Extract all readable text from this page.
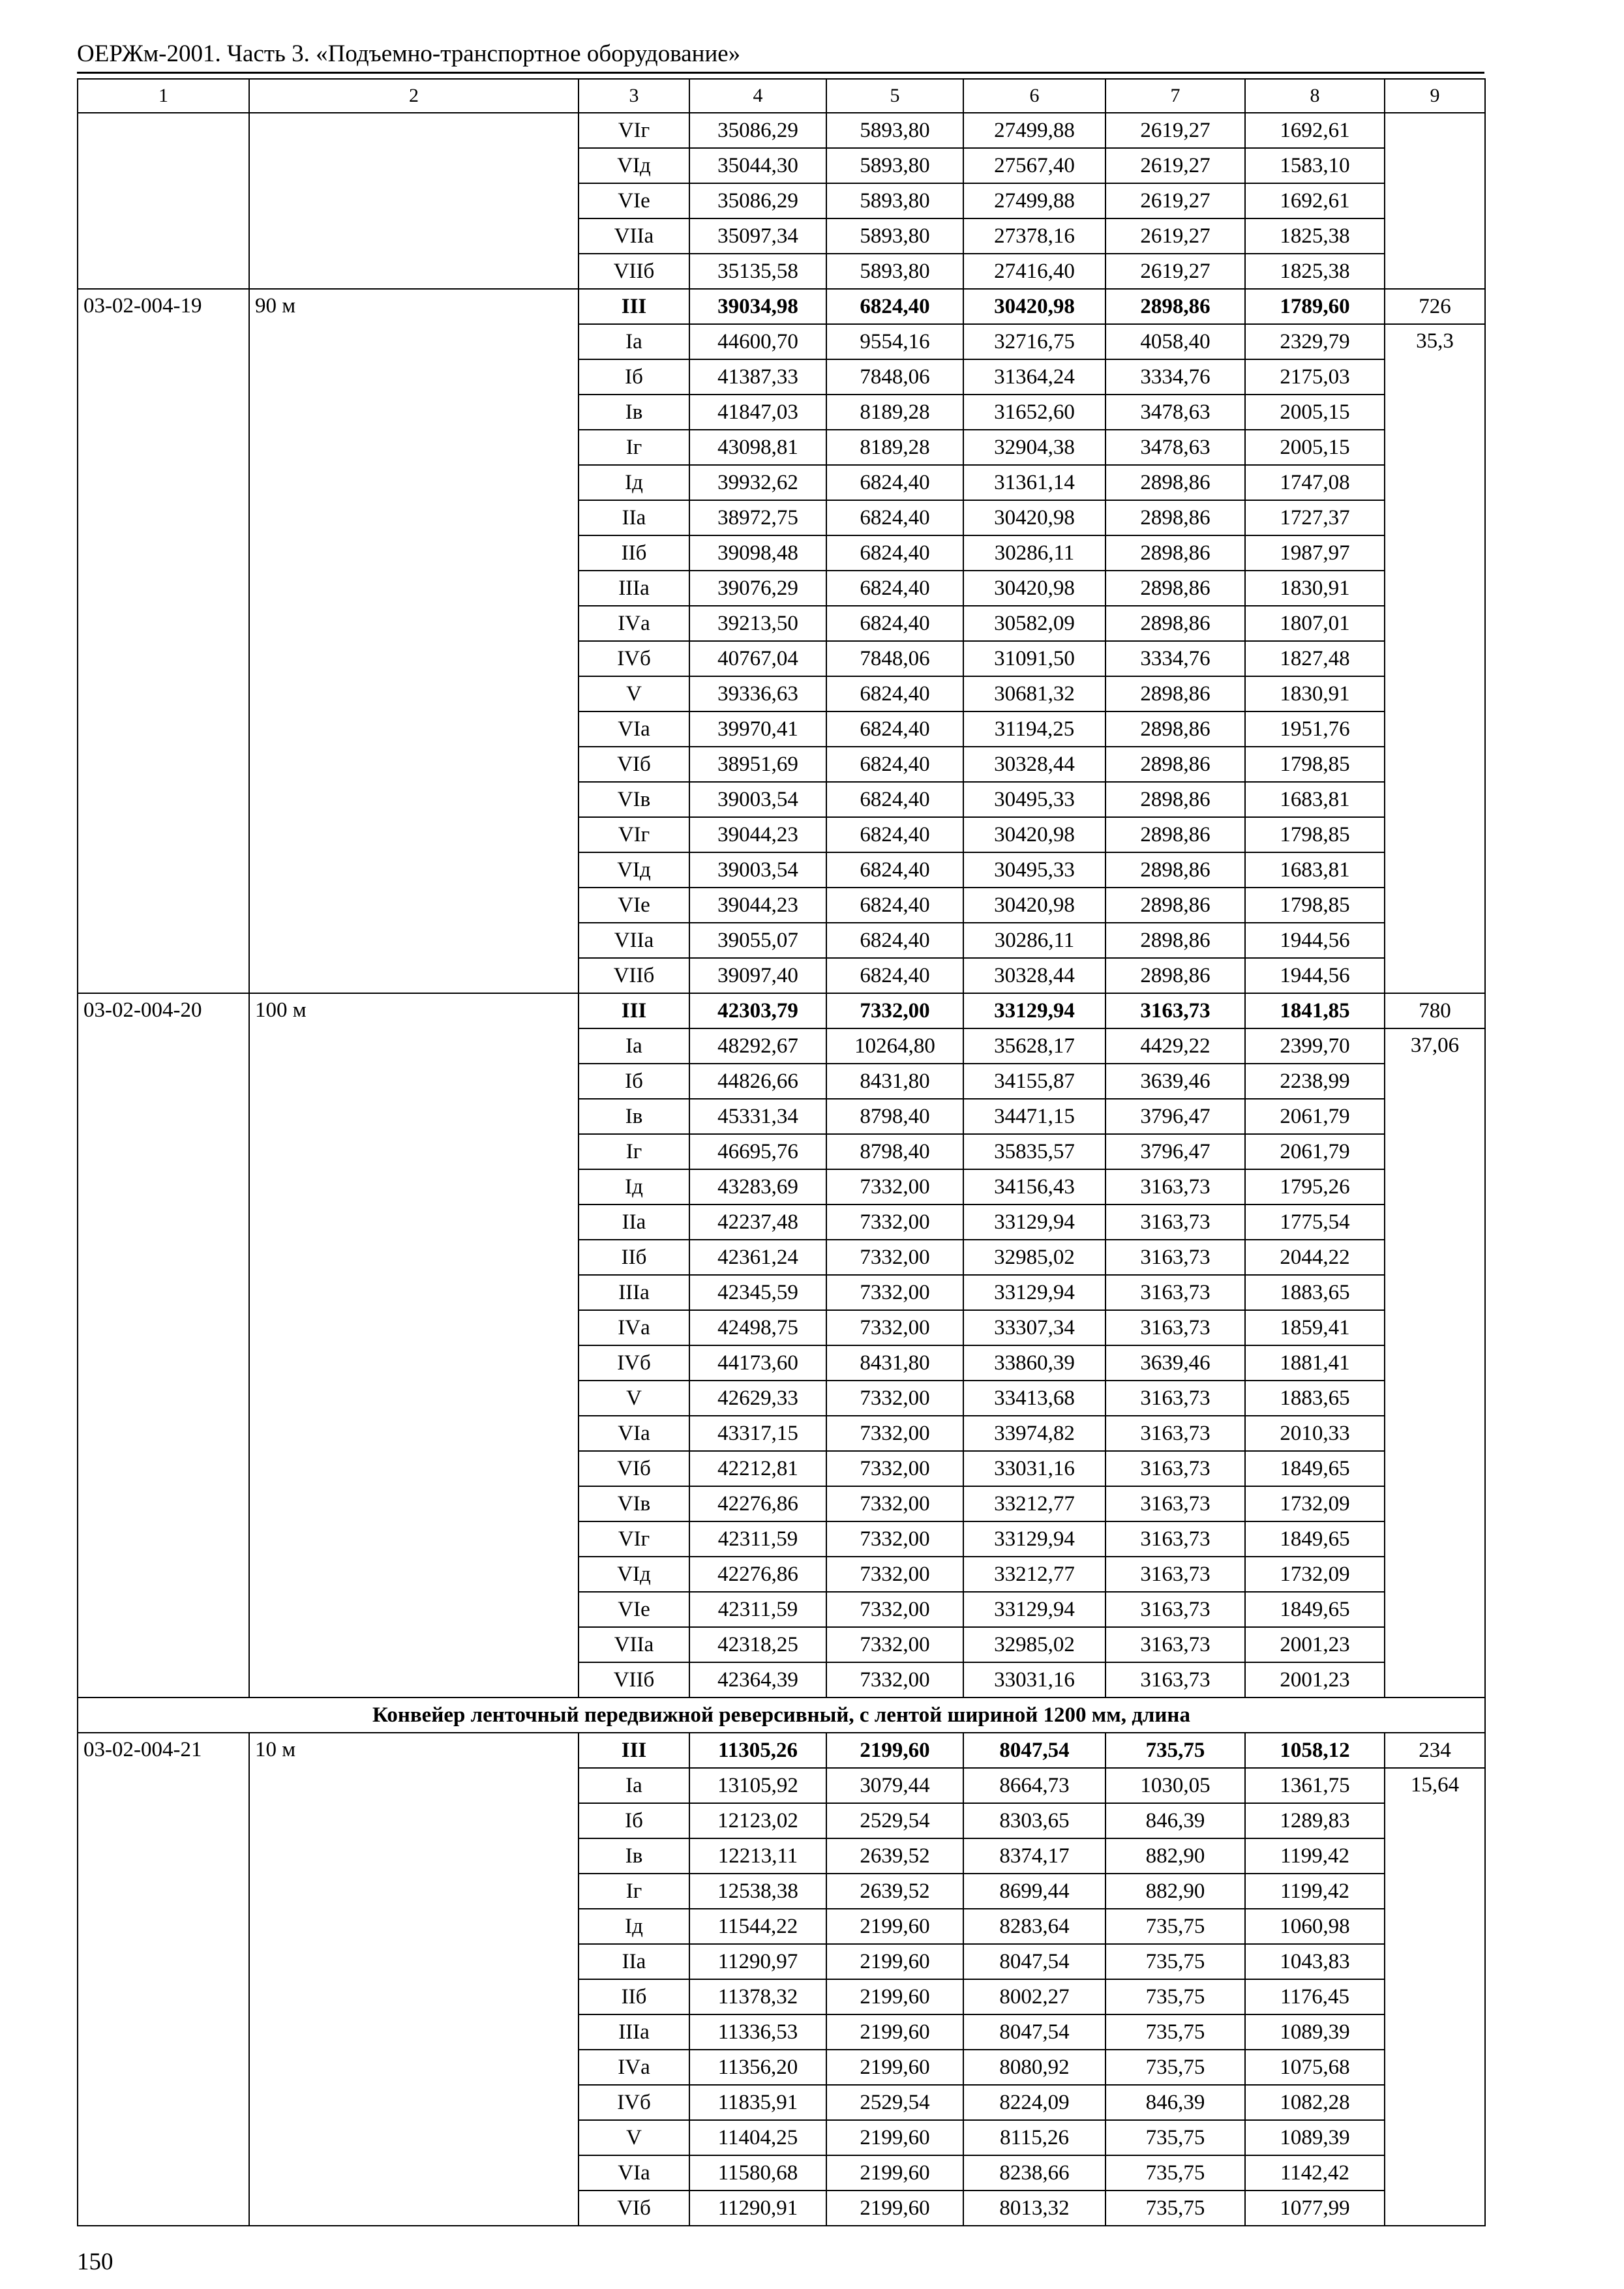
ОЕРЖм-2001. Часть 3. «Подъемно-транспортное оборудование»
1	2	3	4	5	6	7	8	9
		VIг	35086,29	5893,80	27499,88	2619,27	1692,61	
		VIд	35044,30	5893,80	27567,40	2619,27	1583,10	
		VIе	35086,29	5893,80	27499,88	2619,27	1692,61	
		VIIа	35097,34	5893,80	27378,16	2619,27	1825,38	
		VIIб	35135,58	5893,80	27416,40	2619,27	1825,38	
03-02-004-19	90 м	III	39034,98	6824,40	30420,98	2898,86	1789,60	726
		Iа	44600,70	9554,16	32716,75	4058,40	2329,79	35,3
		Iб	41387,33	7848,06	31364,24	3334,76	2175,03	
		Iв	41847,03	8189,28	31652,60	3478,63	2005,15	
		Iг	43098,81	8189,28	32904,38	3478,63	2005,15	
		Iд	39932,62	6824,40	31361,14	2898,86	1747,08	
		IIа	38972,75	6824,40	30420,98	2898,86	1727,37	
		IIб	39098,48	6824,40	30286,11	2898,86	1987,97	
		IIIа	39076,29	6824,40	30420,98	2898,86	1830,91	
		IVа	39213,50	6824,40	30582,09	2898,86	1807,01	
		IVб	40767,04	7848,06	31091,50	3334,76	1827,48	
		V	39336,63	6824,40	30681,32	2898,86	1830,91	
		VIа	39970,41	6824,40	31194,25	2898,86	1951,76	
		VIб	38951,69	6824,40	30328,44	2898,86	1798,85	
		VIв	39003,54	6824,40	30495,33	2898,86	1683,81	
		VIг	39044,23	6824,40	30420,98	2898,86	1798,85	
		VIд	39003,54	6824,40	30495,33	2898,86	1683,81	
		VIе	39044,23	6824,40	30420,98	2898,86	1798,85	
		VIIа	39055,07	6824,40	30286,11	2898,86	1944,56	
		VIIб	39097,40	6824,40	30328,44	2898,86	1944,56	
03-02-004-20	100 м	III	42303,79	7332,00	33129,94	3163,73	1841,85	780
		Iа	48292,67	10264,80	35628,17	4429,22	2399,70	37,06
		Iб	44826,66	8431,80	34155,87	3639,46	2238,99	
		Iв	45331,34	8798,40	34471,15	3796,47	2061,79	
		Iг	46695,76	8798,40	35835,57	3796,47	2061,79	
		Iд	43283,69	7332,00	34156,43	3163,73	1795,26	
		IIа	42237,48	7332,00	33129,94	3163,73	1775,54	
		IIб	42361,24	7332,00	32985,02	3163,73	2044,22	
		IIIа	42345,59	7332,00	33129,94	3163,73	1883,65	
		IVа	42498,75	7332,00	33307,34	3163,73	1859,41	
		IVб	44173,60	8431,80	33860,39	3639,46	1881,41	
		V	42629,33	7332,00	33413,68	3163,73	1883,65	
		VIа	43317,15	7332,00	33974,82	3163,73	2010,33	
		VIб	42212,81	7332,00	33031,16	3163,73	1849,65	
		VIв	42276,86	7332,00	33212,77	3163,73	1732,09	
		VIг	42311,59	7332,00	33129,94	3163,73	1849,65	
		VIд	42276,86	7332,00	33212,77	3163,73	1732,09	
		VIе	42311,59	7332,00	33129,94	3163,73	1849,65	
		VIIа	42318,25	7332,00	32985,02	3163,73	2001,23	
		VIIб	42364,39	7332,00	33031,16	3163,73	2001,23	
Конвейер ленточный передвижной реверсивный, с лентой шириной 1200 мм, длина								
03-02-004-21	10 м	III	11305,26	2199,60	8047,54	735,75	1058,12	234
		Iа	13105,92	3079,44	8664,73	1030,05	1361,75	15,64
		Iб	12123,02	2529,54	8303,65	846,39	1289,83	
		Iв	12213,11	2639,52	8374,17	882,90	1199,42	
		Iг	12538,38	2639,52	8699,44	882,90	1199,42	
		Iд	11544,22	2199,60	8283,64	735,75	1060,98	
		IIа	11290,97	2199,60	8047,54	735,75	1043,83	
		IIб	11378,32	2199,60	8002,27	735,75	1176,45	
		IIIа	11336,53	2199,60	8047,54	735,75	1089,39	
		IVа	11356,20	2199,60	8080,92	735,75	1075,68	
		IVб	11835,91	2529,54	8224,09	846,39	1082,28	
		V	11404,25	2199,60	8115,26	735,75	1089,39	
		VIа	11580,68	2199,60	8238,66	735,75	1142,42	
		VIб	11290,91	2199,60	8013,32	735,75	1077,99	
150
